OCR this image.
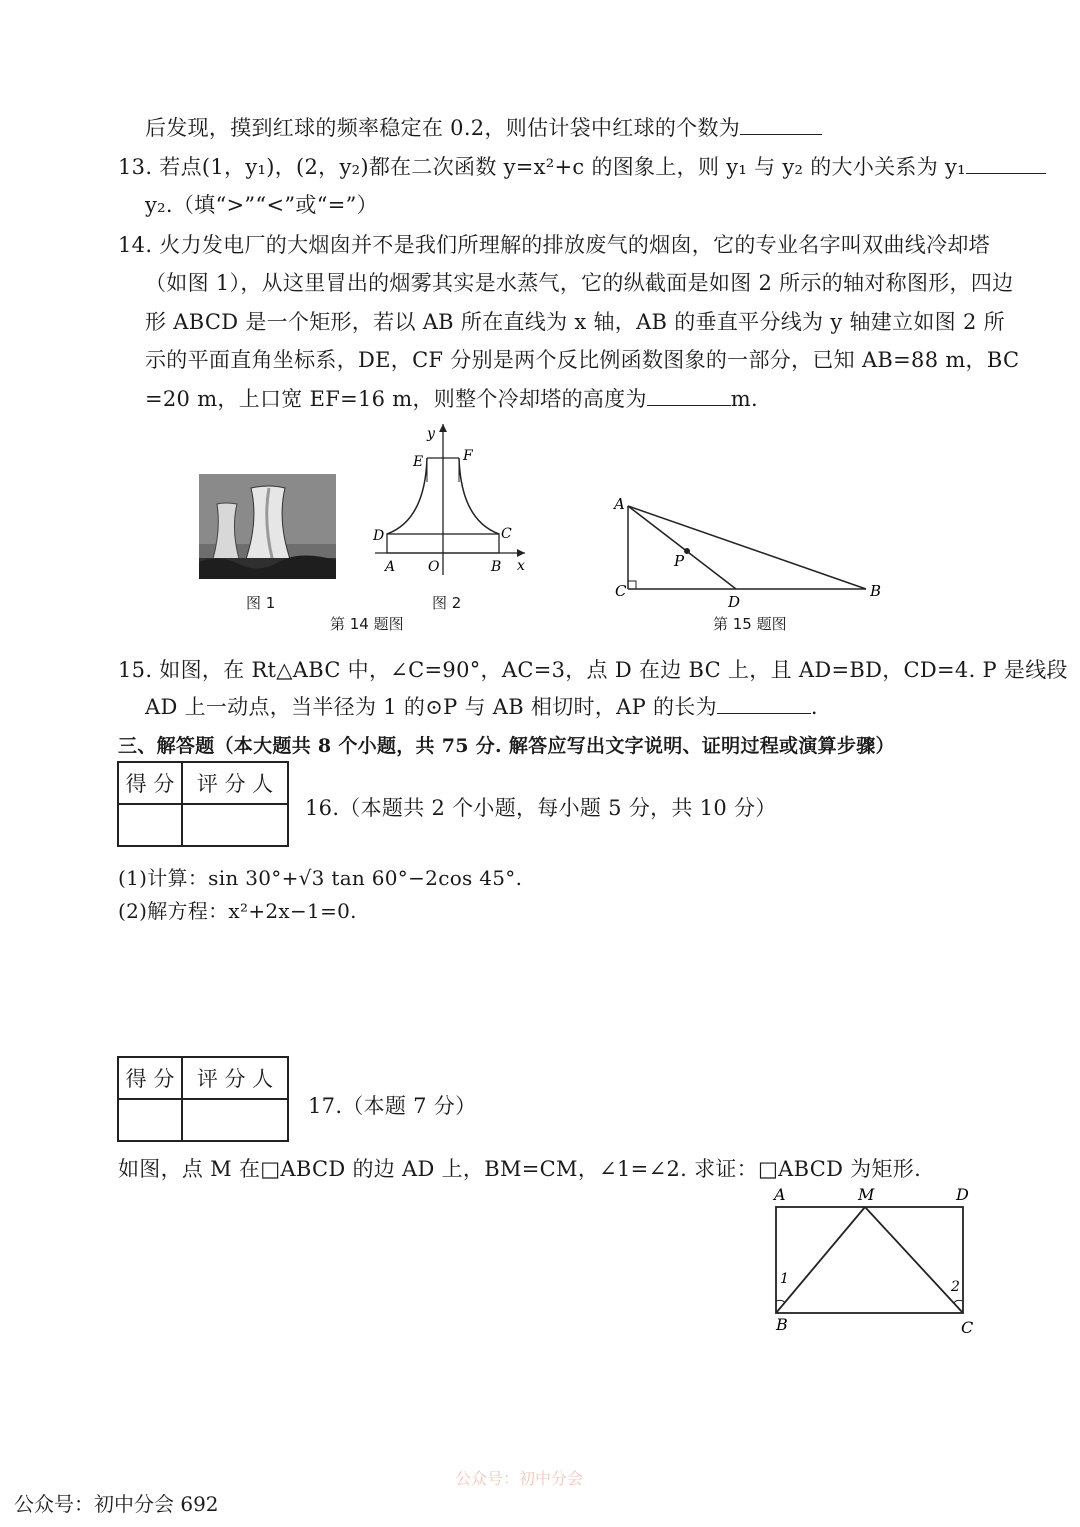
后发现，摸到红球的频率稳定在 0.2，则估计袋中红球的个数为
13. 若点(1，y₁)，(2，y₂)都在二次函数 y=x²+c 的图象上，则 y₁ 与 y₂ 的大小关系为 y₁
y₂.（填“>”“<”或“=”）
14. 火力发电厂的大烟囱并不是我们所理解的排放废气的烟囱，它的专业名字叫双曲线冷却塔
（如图 1），从这里冒出的烟雾其实是水蒸气，它的纵截面是如图 2 所示的轴对称图形，四边
形 ABCD 是一个矩形，若以 AB 所在直线为 x 轴，AB 的垂直平分线为 y 轴建立如图 2 所
示的平面直角坐标系，DE，CF 分别是两个反比例函数图象的一部分，已知 AB=88 m，BC
=20 m，上口宽 EF=16 m，则整个冷却塔的高度为	m.
图 1
y
x
E	F
D	C
A O	B
图 2
第 14 题图
A
P
C
D
B
第 15 题图
15. 如图，在 Rt△ABC 中，∠C=90°，AC=3，点 D 在边 BC 上，且 AD=BD，CD=4. P 是线段
AD 上一动点，当半径为 1 的⊙P 与 AB 相切时，AP 的长为	.
三、解答题（本大题共 8 个小题，共 75 分. 解答应写出文字说明、证明过程或演算步骤）
得 分	评 分 人

16.（本题共 2 个小题，每小题 5 分，共 10 分）
(1)计算：sin 30°+√3 tan 60°−2cos 45°.
(2)解方程：x²+2x−1=0.
得 分	评 分 人

17.（本题 7 分）
如图，点 M 在□ABCD 的边 AD 上，BM=CM，∠1=∠2. 求证：□ABCD 为矩形.
A	M	D
B	C
1	2
公众号：初中分会
公众号：初中分会 692
